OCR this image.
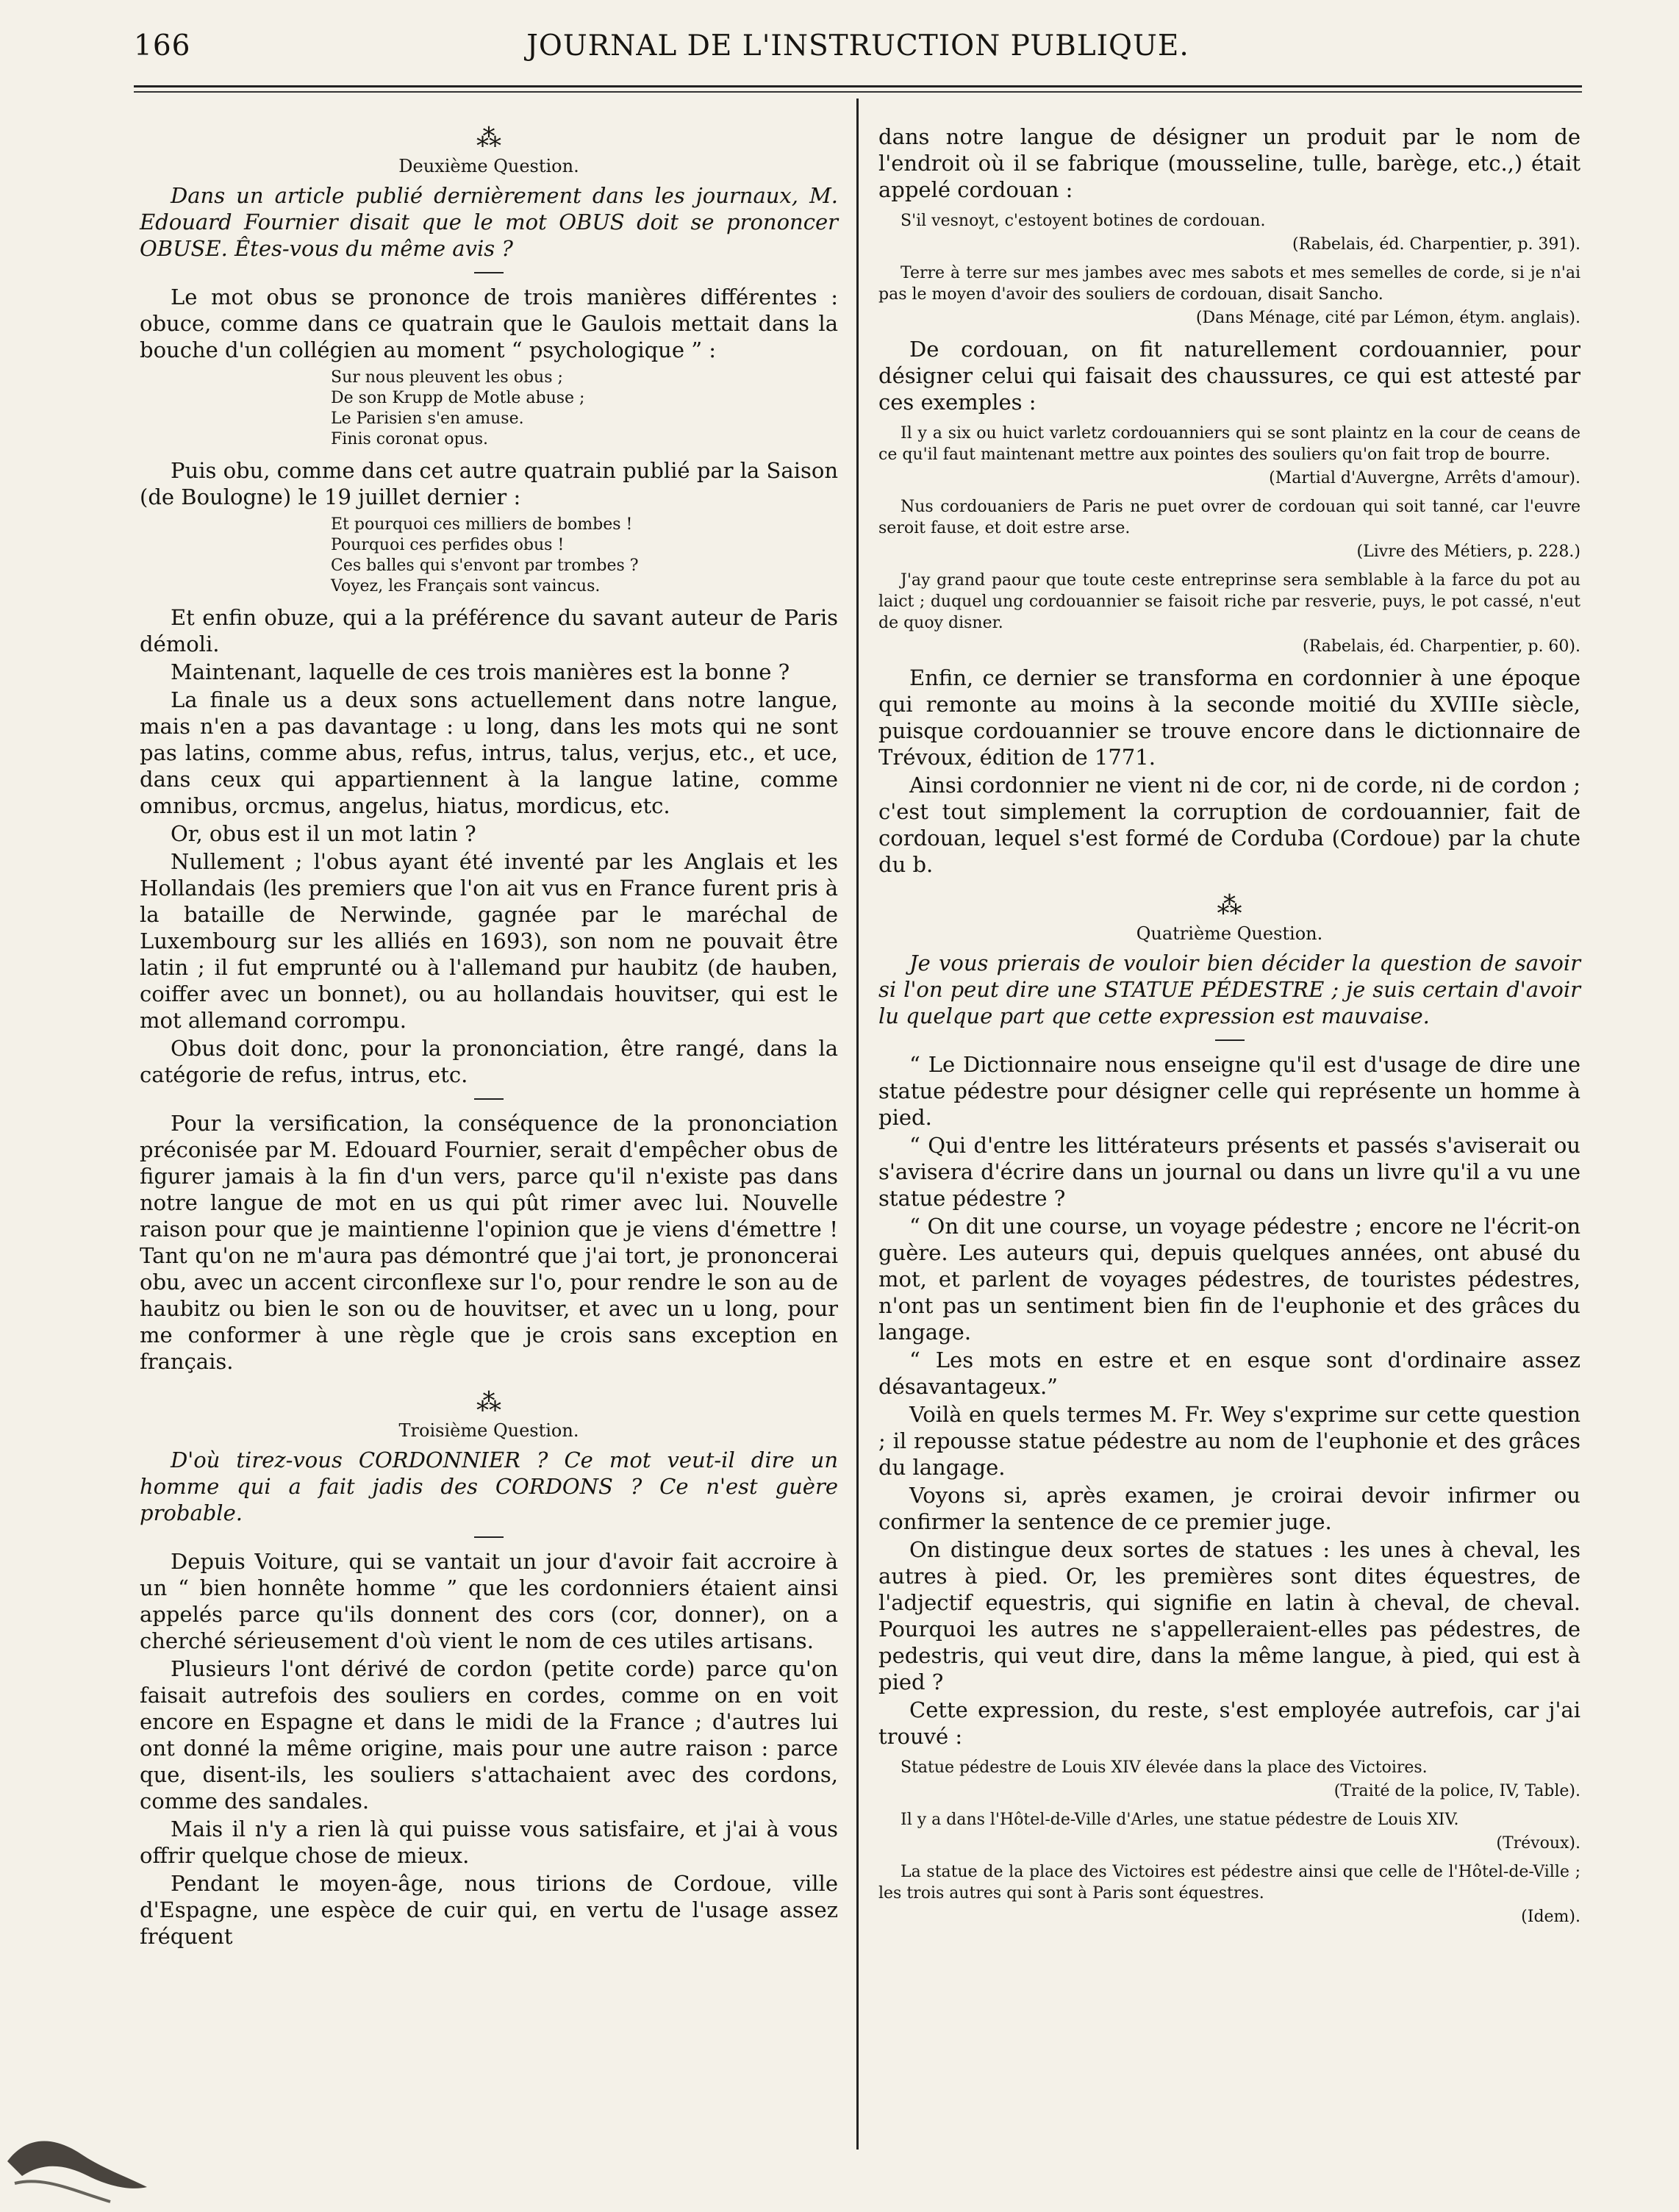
166	JOURNAL DE L'INSTRUCTION PUBLIQUE.
⁂
Deuxième Question.

Dans un article publié dernièrement dans les journaux, M. Edouard Fournier disait que le mot OBUS doit se prononcer OBUSE. Êtes-vous du même avis ?

Le mot obus se prononce de trois manières différentes : obuce, comme dans ce quatrain que le Gaulois mettait dans la bouche d'un collégien au moment “ psychologique ” :

Sur nous pleuvent les obus ;
De son Krupp de Motle abuse ;
Le Parisien s'en amuse.
Finis coronat opus.

Puis obu, comme dans cet autre quatrain publié par la Saison (de Boulogne) le 19 juillet dernier :

Et pourquoi ces milliers de bombes !
Pourquoi ces perfides obus !
Ces balles qui s'envont par trombes ?
Voyez, les Français sont vaincus.

Et enfin obuze, qui a la préférence du savant auteur de Paris démoli.

Maintenant, laquelle de ces trois manières est la bonne ?

La finale us a deux sons actuellement dans notre langue, mais n'en a pas davantage : u long, dans les mots qui ne sont pas latins, comme abus, refus, intrus, talus, verjus, etc., et uce, dans ceux qui appartiennent à la langue latine, comme omnibus, orcmus, angelus, hiatus, mordicus, etc.

Or, obus est il un mot latin ?

Nullement ; l'obus ayant été inventé par les Anglais et les Hollandais (les premiers que l'on ait vus en France furent pris à la bataille de Nerwinde, gagnée par le maréchal de Luxembourg sur les alliés en 1693), son nom ne pouvait être latin ; il fut emprunté ou à l'allemand pur haubitz (de hauben, coiffer avec un bonnet), ou au hollandais houvitser, qui est le mot allemand corrompu.

Obus doit donc, pour la prononciation, être rangé, dans la catégorie de refus, intrus, etc.

Pour la versification, la conséquence de la prononciation préconisée par M. Edouard Fournier, serait d'empêcher obus de figurer jamais à la fin d'un vers, parce qu'il n'existe pas dans notre langue de mot en us qui pût rimer avec lui. Nouvelle raison pour que je maintienne l'opinion que je viens d'émettre ! Tant qu'on ne m'aura pas démontré que j'ai tort, je prononcerai obu, avec un accent circonflexe sur l'o, pour rendre le son au de haubitz ou bien le son ou de houvitser, et avec un u long, pour me conformer à une règle que je crois sans exception en français.

⁂
Troisième Question.

D'où tirez-vous CORDONNIER ? Ce mot veut-il dire un homme qui a fait jadis des CORDONS ? Ce n'est guère probable.

Depuis Voiture, qui se vantait un jour d'avoir fait accroire à un “ bien honnête homme ” que les cordonniers étaient ainsi appelés parce qu'ils donnent des cors (cor, donner), on a cherché sérieusement d'où vient le nom de ces utiles artisans.

Plusieurs l'ont dérivé de cordon (petite corde) parce qu'on faisait autrefois des souliers en cordes, comme on en voit encore en Espagne et dans le midi de la France ; d'autres lui ont donné la même origine, mais pour une autre raison : parce que, disent-ils, les souliers s'attachaient avec des cordons, comme des sandales.

Mais il n'y a rien là qui puisse vous satisfaire, et j'ai à vous offrir quelque chose de mieux.

Pendant le moyen-âge, nous tirions de Cordoue, ville d'Espagne, une espèce de cuir qui, en vertu de l'usage assez fréquent

dans notre langue de désigner un produit par le nom de l'endroit où il se fabrique (mousseline, tulle, barège, etc.,) était appelé cordouan :

S'il vesnoyt, c'estoyent botines de cordouan.

(Rabelais, éd. Charpentier, p. 391).

Terre à terre sur mes jambes avec mes sabots et mes semelles de corde, si je n'ai pas le moyen d'avoir des souliers de cordouan, disait Sancho.

(Dans Ménage, cité par Lémon, étym. anglais).

De cordouan, on fit naturellement cordouannier, pour désigner celui qui faisait des chaussures, ce qui est attesté par ces exemples :

Il y a six ou huict varletz cordouanniers qui se sont plaintz en la cour de ceans de ce qu'il faut maintenant mettre aux pointes des souliers qu'on fait trop de bourre.

(Martial d'Auvergne, Arrêts d'amour).

Nus cordouaniers de Paris ne puet ovrer de cordouan qui soit tanné, car l'euvre seroit fause, et doit estre arse.

(Livre des Métiers, p. 228.)

J'ay grand paour que toute ceste entreprinse sera semblable à la farce du pot au laict ; duquel ung cordouannier se faisoit riche par resverie, puys, le pot cassé, n'eut de quoy disner.

(Rabelais, éd. Charpentier, p. 60).

Enfin, ce dernier se transforma en cordonnier à une époque qui remonte au moins à la seconde moitié du XVIIIe siècle, puisque cordouannier se trouve encore dans le dictionnaire de Trévoux, édition de 1771.

Ainsi cordonnier ne vient ni de cor, ni de corde, ni de cordon ; c'est tout simplement la corruption de cordouannier, fait de cordouan, lequel s'est formé de Corduba (Cordoue) par la chute du b.

⁂
Quatrième Question.

Je vous prierais de vouloir bien décider la question de savoir si l'on peut dire une STATUE PÉDESTRE ; je suis certain d'avoir lu quelque part que cette expression est mauvaise.

“ Le Dictionnaire nous enseigne qu'il est d'usage de dire une statue pédestre pour désigner celle qui représente un homme à pied.

“ Qui d'entre les littérateurs présents et passés s'aviserait ou s'avisera d'écrire dans un journal ou dans un livre qu'il a vu une statue pédestre ?

“ On dit une course, un voyage pédestre ; encore ne l'écrit-on guère. Les auteurs qui, depuis quelques années, ont abusé du mot, et parlent de voyages pédestres, de touristes pédestres, n'ont pas un sentiment bien fin de l'euphonie et des grâces du langage.

“ Les mots en estre et en esque sont d'ordinaire assez désavantageux.”

Voilà en quels termes M. Fr. Wey s'exprime sur cette question ; il repousse statue pédestre au nom de l'euphonie et des grâces du langage.

Voyons si, après examen, je croirai devoir infirmer ou confirmer la sentence de ce premier juge.

On distingue deux sortes de statues : les unes à cheval, les autres à pied. Or, les premières sont dites équestres, de l'adjectif equestris, qui signifie en latin à cheval, de cheval. Pourquoi les autres ne s'appelleraient-elles pas pédestres, de pedestris, qui veut dire, dans la même langue, à pied, qui est à pied ?

Cette expression, du reste, s'est employée autrefois, car j'ai trouvé :

Statue pédestre de Louis XIV élevée dans la place des Victoires.

(Traité de la police, IV, Table).

Il y a dans l'Hôtel-de-Ville d'Arles, une statue pédestre de Louis XIV.

(Trévoux).

La statue de la place des Victoires est pédestre ainsi que celle de l'Hôtel-de-Ville ; les trois autres qui sont à Paris sont équestres.

(Idem).
